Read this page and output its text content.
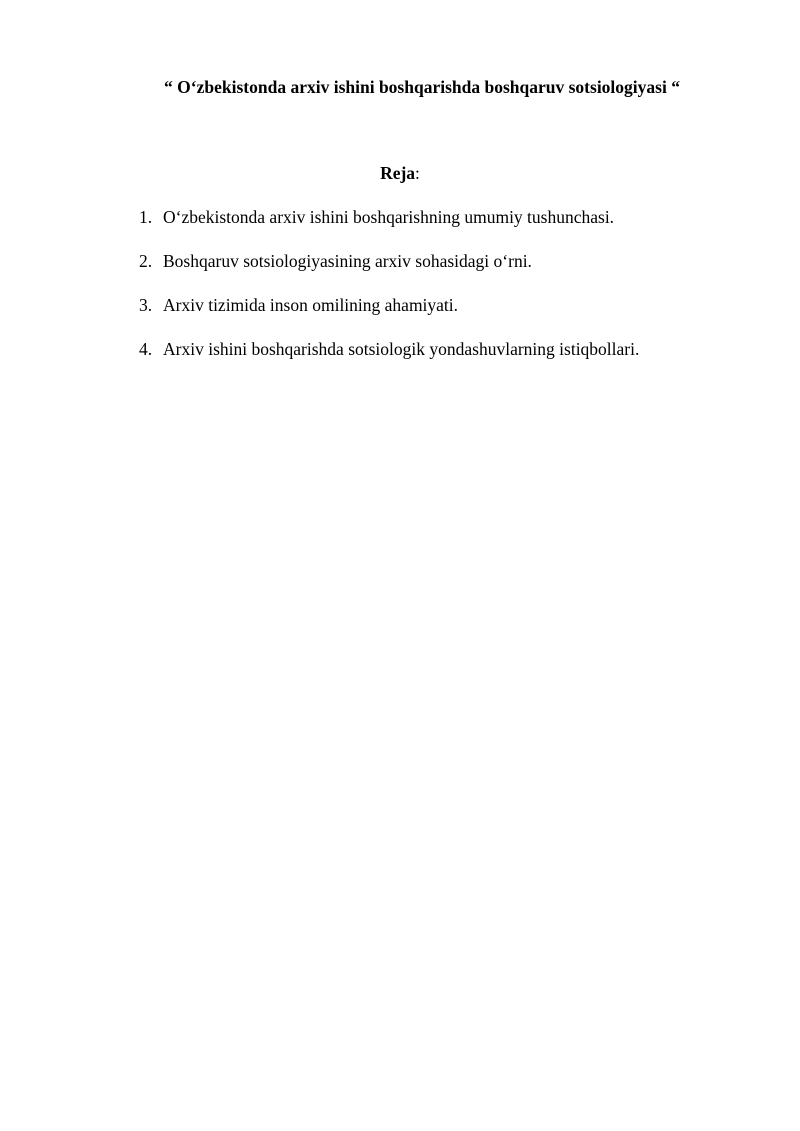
“ O‘zbekistonda arxiv ishini boshqarishda boshqaruv sotsiologiyasi “
Reja:
1. O‘zbekistonda arxiv ishini boshqarishning umumiy tushunchasi.
2. Boshqaruv sotsiologiyasining arxiv sohasidagi o‘rni.
3. Arxiv tizimida inson omilining ahamiyati.
4. Arxiv ishini boshqarishda sotsiologik yondashuvlarning istiqbollari.
